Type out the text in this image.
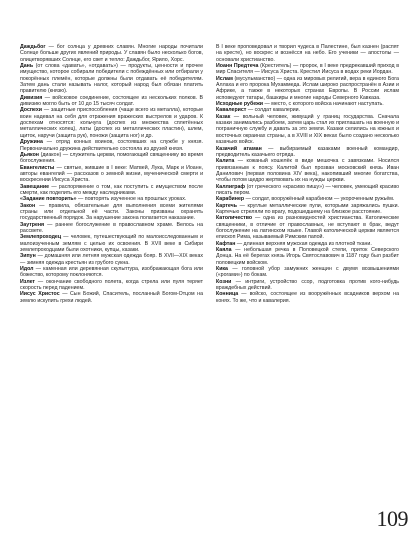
Даждьбог — бог солнца у древних славян. Многие народы почитали Солнце больше других явлений природы. У славян было несколько богов, олицетворявших Солнце, его свет и тепло: Даждьбог, Ярило, Хорс.

Дань (от слова «давать», «отдавать») — продукты, ценности и прочее имущество, которое собирали победители с побеждённых или отбирали у покорённых племён, которые должны были отдавать её победителям. Затем дань стали называть налог, который народ был обязан платить правителю (князю).

Дивизия — войсковое соединение, состоящее из нескольких полков. В дивизию могло быть от 10 до 15 тысяч солдат.

Доспехи — защитные приспособления (чаще всего из металла), которые воин надевал на себя для отражения вражеских выстрелов и ударов. К доспехам относятся: кольчуга (доспех из множества сплетённых металлических колец), латы (доспех из металлических пластин), шлем, щиток, наручи (защита рук), поножи (защита ног) и др.

Дружина — отряд конных воинов, состоявших на службе у князя. Первоначально дружина действительно состояла из друзей князя.

Дьякон (диакон) — служитель церкви, помогающий священнику во время богослужения.

Евангелисты — святые, жившие в I веке: Матвей, Лука, Марк и Иоанн, авторы евангелий — рассказов о земной жизни, мученической смерти и воскресении Иисуса Христа.

Завещание — распоряжение о том, как поступить с имуществом после смерти, как поделить его между наследниками.

«Задание повторить» — повторять изученное на прошлых уроках.

Закон — правила, обязательные для выполнения всеми жителями страны или отдельной её части. Законы призваны охранять государственный порядок. За нарушение закона полагается наказание.

Заутреня — раннее богослужение в православном храме. Велось на рассвете.

Землепроходец — человек, путешествующий по малоисследованным и малоизученным землям с целью их освоения. В XVII веке в Сибири землепроходцами были охотники, купцы, казаки.

Зипун — домашняя или летняя мужская одежда бояр. В XVII—XIX веках — зимняя одежда крестьян из грубого сукна.

Идол — каменная или деревянная скульптура, изображающая бога или божество, которому поклоняются.

Излет — окончание свободного полета, когда стрела или пуля теряет скорость перед падением.

Иисус Христос — Сын Божий, Спаситель, посланный Богом-Отцом на землю искупить грехи людей.

В I веке проповедовал и творил чудеса в Палестине, был казнен (распят на кресте), но воскрес и вознёсся на небо. Его ученики — апостолы — основали христианство.

Иоанн Предтеча (Креститель) — пророк, в I веке предрекавший приход в мир Спасителя — Иисуса Христа. Крестил Иисуса в водах реки Иордан.

Ислам (мусульманство) — одна из мировых религий, вера в единого Бога Аллаха и его пророка Мухаммеда. Ислам широко распространён в Азии и Африке, а также в некоторых странах Европы. В России ислам исповедуют татары, башкиры и многие народы Северного Кавказа.

Исходные рубежи — место, с которого войска начинают наступать.

Кавалерист — солдат кавалерии.

Казак — вольный человек, живущий у границ государства. Сначала казаки занимались разбоем, затем царь стал их приглашать на военную и пограничную службу и давать за это земли. Казаки селились на южных и восточных окраинах страны, а в XVIII и XIX веках было создано несколько казачьих войск.

Казачий атаман — выбираемый казаками военный командир, предводитель казачьего отряда.

Калита — кожаный кошелёк в виде мешочка с завязками. Носился привязанным к поясу. Калитой был прозван московский князь Иван Данилович (первая половина XIV века), накопивший многие богатства, чтобы потом щедро жертвовать их на нужды церкви.

Каллиграф (от греческого «красиво пишу») — человек, умеющий красиво писать пером.

Карабинер — солдат, вооружённый карабином — укороченным ружьём.

Картечь — круглые металлические пули, которыми заряжались пушки. Картечью стреляли по врагу, подошедшему на близкое расстояние.

Католичество — одна из разновидностей христианства. Католические священники, в отличие от православных, не вступают в брак, ведут богослужение на латинском языке. Главой католической церкви является епископ Рима, называемый Римским папой.

Кафтан — длинная верхняя мужская одежда из плотной ткани.

Каяла — небольшая речка в Половецкой степи, приток Северского Донца. На её берегах князь Игорь Святославович в 1187 году был разбит половецким войском.

Кика — головной убор замужних женщин с двумя возвышениями («рогами») по бокам.

Козни — интриги, устройство ссор, подготовка против кого-нибудь враждебных действий.

Конница — войско, состоящее из вооружённых всадников верхом на конях. То же, что и кавалерия.

109
